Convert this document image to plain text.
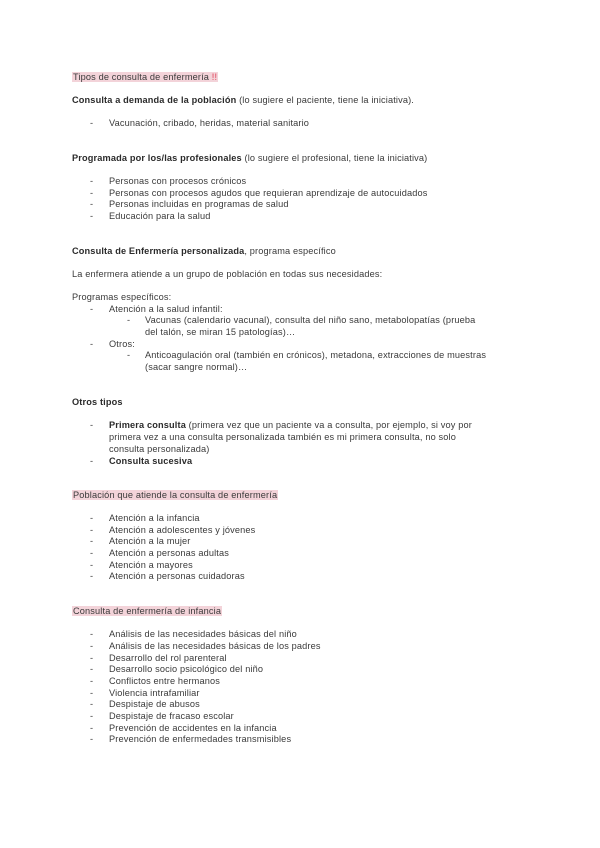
Tipos de consulta de enfermería !!
Consulta a demanda de la población (lo sugiere el paciente, tiene la iniciativa).
- Vacunación, cribado, heridas, material sanitario
Programada por los/las profesionales (lo sugiere el profesional, tiene la iniciativa)
- Personas con procesos crónicos
- Personas con procesos agudos que requieran aprendizaje de autocuidados
- Personas incluidas en programas de salud
- Educación para la salud
Consulta de Enfermería personalizada, programa específico
La enfermera atiende a un grupo de población en todas sus necesidades:
Programas específicos:
- Atención a la salud infantil:
- Vacunas (calendario vacunal), consulta del niño sano, metabolopatías (prueba
del talón, se miran 15 patologías)…
- Otros:
- Anticoagulación oral (también en crónicos), metadona, extracciones de muestras
(sacar sangre normal)…
Otros tipos
- Primera consulta (primera vez que un paciente va a consulta, por ejemplo, si voy por
primera vez a una consulta personalizada también es mi primera consulta, no solo
consulta personalizada)
- Consulta sucesiva
Población que atiende la consulta de enfermería
- Atención a la infancia
- Atención a adolescentes y jóvenes
- Atención a la mujer
- Atención a personas adultas
- Atención a mayores
- Atención a personas cuidadoras
Consulta de enfermería de infancia
- Análisis de las necesidades básicas del niño
- Análisis de las necesidades básicas de los padres
- Desarrollo del rol parenteral
- Desarrollo socio psicológico del niño
- Conflictos entre hermanos
- Violencia intrafamiliar
- Despistaje de abusos
- Despistaje de fracaso escolar
- Prevención de accidentes en la infancia
- Prevención de enfermedades transmisibles
